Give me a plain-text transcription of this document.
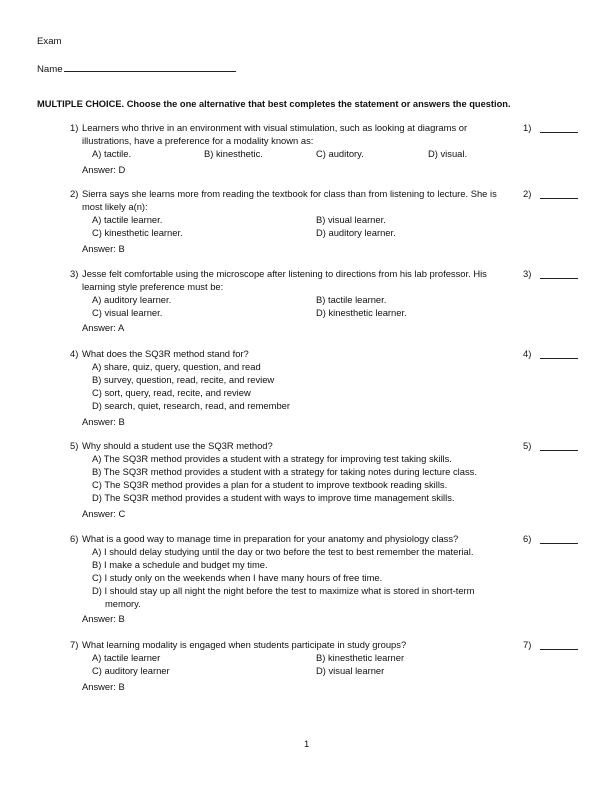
Exam
Name
MULTIPLE CHOICE. Choose the one alternative that best completes the statement or answers the question.
1) Learners who thrive in an environment with visual stimulation, such as looking at diagrams or
illustrations, have a preference for a modality known as:
A) tactile.	B) kinesthetic.	C) auditory.	D) visual.
Answer: D
1)
2) Sierra says she learns more from reading the textbook for class than from listening to lecture. She is
most likely a(n):
A) tactile learner.	B) visual learner.
C) kinesthetic learner.	D) auditory learner.
Answer: B
2)
3) Jesse felt comfortable using the microscope after listening to directions from his lab professor. His
learning style preference must be:
A) auditory learner.	B) tactile learner.
C) visual learner.	D) kinesthetic learner.
Answer: A
3)
4) What does the SQ3R method stand for?
A) share, quiz, query, question, and read
B) survey, question, read, recite, and review
C) sort, query, read, recite, and review
D) search, quiet, research, read, and remember
Answer: B
4)
5) Why should a student use the SQ3R method?
A) The SQ3R method provides a student with a strategy for improving test taking skills.
B) The SQ3R method provides a student with a strategy for taking notes during lecture class.
C) The SQ3R method provides a plan for a student to improve textbook reading skills.
D) The SQ3R method provides a student with ways to improve time management skills.
Answer: C
5)
6) What is a good way to manage time in preparation for your anatomy and physiology class?
A) I should delay studying until the day or two before the test to best remember the material.
B) I make a schedule and budget my time.
C) I study only on the weekends when I have many hours of free time.
D) I should stay up all night the night before the test to maximize what is stored in short-term
memory.
Answer: B
6)
7) What learning modality is engaged when students participate in study groups?
A) tactile learner	B) kinesthetic learner
C) auditory learner	D) visual learner
Answer: B
7)
1
